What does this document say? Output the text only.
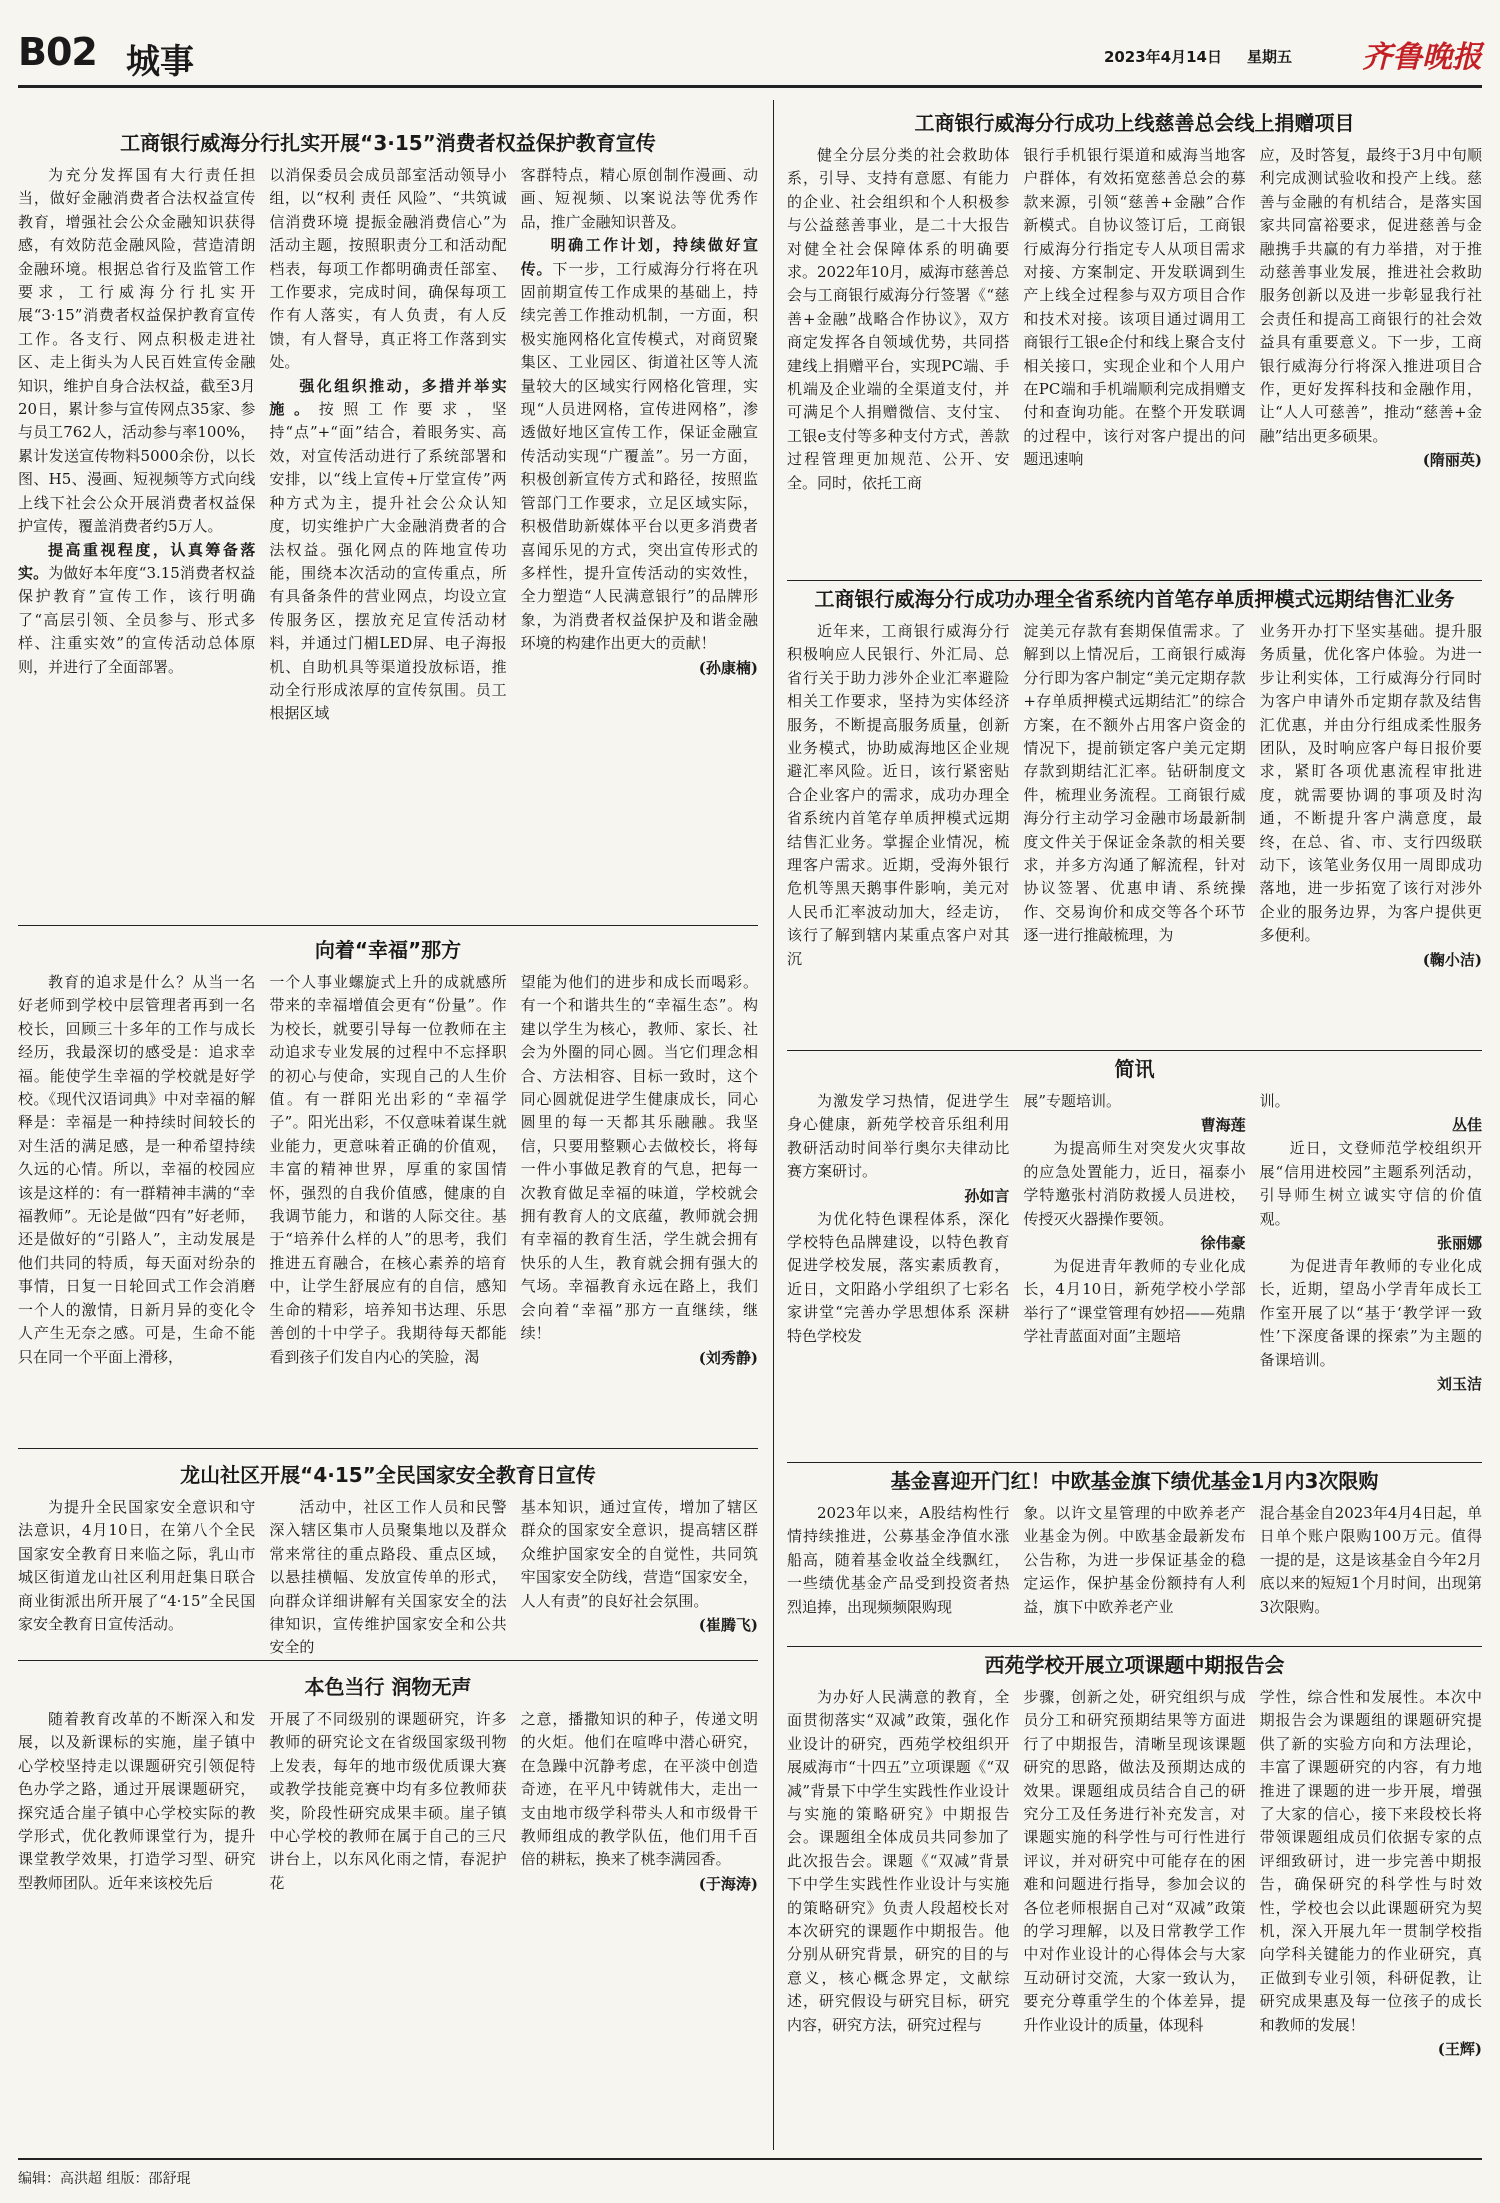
B02 城事	2023年4月14日 星期五 齐鲁晚报
工商银行威海分行扎实开展“3·15”消费者权益保护教育宣传

为充分发挥国有大行责任担当，做好金融消费者合法权益宣传教育，增强社会公众金融知识获得感，有效防范金融风险，营造清朗金融环境。根据总省行及监管工作要求，工行威海分行扎实开展“3·15”消费者权益保护教育宣传工作。各支行、网点积极走进社区、走上街头为人民百姓宣传金融知识，维护自身合法权益，截至3月20日，累计参与宣传网点35家、参与员工762人，活动参与率100%，累计发送宣传物料5000余份，以长图、H5、漫画、短视频等方式向线上线下社会公众开展消费者权益保护宣传，覆盖消费者约5万人。

提高重视程度，认真筹备落实。为做好本年度“3.15消费者权益保护教育”宣传工作，该行明确了“高层引领、全员参与、形式多样、注重实效”的宣传活动总体原则，并进行了全面部署。

以消保委员会成员部室活动领导小组，以“权利 责任 风险”、“共筑诚信消费环境 提振金融消费信心”为活动主题，按照职责分工和活动配档表，每项工作都明确责任部室、工作要求，完成时间，确保每项工作有人落实，有人负责，有人反馈，有人督导，真正将工作落到实处。

强化组织推动，多措并举实施。按照工作要求，坚持“点”+“面”结合，着眼务实、高效，对宣传活动进行了系统部署和安排，以“线上宣传+厅堂宣传”两种方式为主，提升社会公众认知度，切实维护广大金融消费者的合法权益。强化网点的阵地宣传功能，围绕本次活动的宣传重点，所有具备条件的营业网点，均设立宣传服务区，摆放充足宣传活动材料，并通过门楣LED屏、电子海报机、自助机具等渠道投放标语，推动全行形成浓厚的宣传氛围。员工根据区域

客群特点，精心原创制作漫画、动画、短视频、以案说法等优秀作品，推广金融知识普及。

明确工作计划，持续做好宣传。下一步，工行威海分行将在巩固前期宣传工作成果的基础上，持续完善工作推动机制，一方面，积极实施网格化宣传模式，对商贸聚集区、工业园区、街道社区等人流量较大的区域实行网格化管理，实现“人员进网格，宣传进网格”，渗透做好地区宣传工作，保证金融宣传活动实现“广覆盖”。另一方面，积极创新宣传方式和路径，按照监管部门工作要求，立足区域实际，积极借助新媒体平台以更多消费者喜闻乐见的方式，突出宣传形式的多样性，提升宣传活动的实效性，全力塑造“人民满意银行”的品牌形象，为消费者权益保护及和谐金融环境的构建作出更大的贡献！

(孙康楠)
向着“幸福”那方

教育的追求是什么？从当一名好老师到学校中层管理者再到一名校长，回顾三十多年的工作与成长经历，我最深切的感受是：追求幸福。能使学生幸福的学校就是好学校。《现代汉语词典》中对幸福的解释是：幸福是一种持续时间较长的对生活的满足感，是一种希望持续久远的心情。所以，幸福的校园应该是这样的：有一群精神丰满的“幸福教师”。无论是做“四有”好老师，还是做好的“引路人”，主动发展是他们共同的特质，每天面对纷杂的事情，日复一日轮回式工作会消磨一个人的激情，日新月异的变化令人产生无奈之感。可是，生命不能只在同一个平面上滑移，

一个人事业螺旋式上升的成就感所带来的幸福增值会更有“份量”。作为校长，就要引导每一位教师在主动追求专业发展的过程中不忘择职的初心与使命，实现自己的人生价值。有一群阳光出彩的“幸福学子”。阳光出彩，不仅意味着谋生就业能力，更意味着正确的价值观，丰富的精神世界，厚重的家国情怀，强烈的自我价值感，健康的自我调节能力，和谐的人际交往。基于“培养什么样的人”的思考，我们推进五育融合，在核心素养的培育中，让学生舒展应有的自信，感知生命的精彩，培养知书达理、乐思善创的十中学子。我期待每天都能看到孩子们发自内心的笑脸，渴

望能为他们的进步和成长而喝彩。有一个和谐共生的“幸福生态”。构建以学生为核心，教师、家长、社会为外圈的同心圆。当它们理念相合、方法相容、目标一致时，这个同心圆就促进学生健康成长，同心圆里的每一天都其乐融融。我坚信，只要用整颗心去做校长，将每一件小事做足教育的气息，把每一次教育做足幸福的味道，学校就会拥有教育人的文底蕴，教师就会拥有幸福的教育生活，学生就会拥有快乐的人生，教育就会拥有强大的气场。幸福教育永远在路上，我们会向着“幸福”那方一直继续，继续！

(刘秀静)
龙山社区开展“4·15”全民国家安全教育日宣传

为提升全民国家安全意识和守法意识，4月10日，在第八个全民国家安全教育日来临之际，乳山市城区街道龙山社区利用赶集日联合商业街派出所开展了“4·15”全民国家安全教育日宣传活动。

活动中，社区工作人员和民警深入辖区集市人员聚集地以及群众常来常往的重点路段、重点区域，以悬挂横幅、发放宣传单的形式，向群众详细讲解有关国家安全的法律知识，宣传维护国家安全和公共安全的

基本知识，通过宣传，增加了辖区群众的国家安全意识，提高辖区群众维护国家安全的自觉性，共同筑牢国家安全防线，营造“国家安全，人人有责”的良好社会氛围。

(崔腾飞)
本色当行 润物无声

随着教育改革的不断深入和发展，以及新课标的实施，崖子镇中心学校坚持走以课题研究引领促特色办学之路，通过开展课题研究，探究适合崖子镇中心学校实际的教学形式，优化教师课堂行为，提升课堂教学效果，打造学习型、研究型教师团队。近年来该校先后

开展了不同级别的课题研究，许多教师的研究论文在省级国家级刊物上发表，每年的地市级优质课大赛或教学技能竞赛中均有多位教师获奖，阶段性研究成果丰硕。崖子镇中心学校的教师在属于自己的三尺讲台上，以东风化雨之情，春泥护花

之意，播撒知识的种子，传递文明的火炬。他们在喧哗中潜心研究，在急躁中沉静考虑，在平淡中创造奇迹，在平凡中铸就伟大，走出一支由地市级学科带头人和市级骨干教师组成的教学队伍，他们用千百倍的耕耘，换来了桃李满园香。

(于海涛)
工商银行威海分行成功上线慈善总会线上捐赠项目

健全分层分类的社会救助体系，引导、支持有意愿、有能力的企业、社会组织和个人积极参与公益慈善事业，是二十大报告对健全社会保障体系的明确要求。2022年10月，威海市慈善总会与工商银行威海分行签署《“慈善+金融”战略合作协议》，双方商定发挥各自领域优势，共同搭建线上捐赠平台，实现PC端、手机端及企业端的全渠道支付，并可满足个人捐赠微信、支付宝、工银e支付等多种支付方式，善款过程管理更加规范、公开、安全。同时，依托工商

银行手机银行渠道和威海当地客户群体，有效拓宽慈善总会的募款来源，引领“慈善+金融”合作新模式。自协议签订后，工商银行威海分行指定专人从项目需求对接、方案制定、开发联调到生产上线全过程参与双方项目合作和技术对接。该项目通过调用工商银行工银e企付和线上聚合支付相关接口，实现企业和个人用户在PC端和手机端顺利完成捐赠支付和查询功能。在整个开发联调的过程中，该行对客户提出的问题迅速响

应，及时答复，最终于3月中旬顺利完成测试验收和投产上线。慈善与金融的有机结合，是落实国家共同富裕要求，促进慈善与金融携手共赢的有力举措，对于推动慈善事业发展，推进社会救助服务创新以及进一步彰显我行社会责任和提高工商银行的社会效益具有重要意义。下一步，工商银行威海分行将深入推进项目合作，更好发挥科技和金融作用，让“人人可慈善”，推动“慈善+金融”结出更多硕果。

(隋丽英)
工商银行威海分行成功办理全省系统内首笔存单质押模式远期结售汇业务

近年来，工商银行威海分行积极响应人民银行、外汇局、总省行关于助力涉外企业汇率避险相关工作要求，坚持为实体经济服务，不断提高服务质量，创新业务模式，协助威海地区企业规避汇率风险。近日，该行紧密贴合企业客户的需求，成功办理全省系统内首笔存单质押模式远期结售汇业务。掌握企业情况，梳理客户需求。近期，受海外银行危机等黑天鹅事件影响，美元对人民币汇率波动加大，经走访，该行了解到辖内某重点客户对其沉

淀美元存款有套期保值需求。了解到以上情况后，工商银行威海分行即为客户制定“美元定期存款+存单质押模式远期结汇”的综合方案，在不额外占用客户资金的情况下，提前锁定客户美元定期存款到期结汇汇率。钻研制度文件，梳理业务流程。工商银行威海分行主动学习金融市场最新制度文件关于保证金条款的相关要求，并多方沟通了解流程，针对协议签署、优惠申请、系统操作、交易询价和成交等各个环节逐一进行推敲梳理，为

业务开办打下坚实基础。提升服务质量，优化客户体验。为进一步让利实体，工行威海分行同时为客户申请外币定期存款及结售汇优惠，并由分行组成柔性服务团队，及时响应客户每日报价要求，紧盯各项优惠流程审批进度，就需要协调的事项及时沟通，不断提升客户满意度，最终，在总、省、市、支行四级联动下，该笔业务仅用一周即成功落地，进一步拓宽了该行对涉外企业的服务边界，为客户提供更多便利。

(鞠小洁)
简讯

为激发学习热情，促进学生身心健康，新苑学校音乐组利用教研活动时间举行奥尔夫律动比赛方案研讨。

孙如言

为优化特色课程体系，深化学校特色品牌建设，以特色教育促进学校发展，落实素质教育，近日，文阳路小学组织了七彩名家讲堂“完善办学思想体系 深耕特色学校发

展”专题培训。

曹海莲

为提高师生对突发火灾事故的应急处置能力，近日，福泰小学特邀张村消防救援人员进校，传授灭火器操作要领。

徐伟豪

为促进青年教师的专业化成长，4月10日，新苑学校小学部举行了“课堂管理有妙招——苑鼎学社青蓝面对面”主题培

训。

丛佳

近日，文登师范学校组织开展“信用进校园”主题系列活动，引导师生树立诚实守信的价值观。

张丽娜

为促进青年教师的专业化成长，近期，望岛小学青年成长工作室开展了以“基于‘教学评一致性’下深度备课的探索”为主题的备课培训。

刘玉洁
基金喜迎开门红！中欧基金旗下绩优基金1月内3次限购

2023年以来，A股结构性行情持续推进，公募基金净值水涨船高，随着基金收益全线飘红，一些绩优基金产品受到投资者热烈追捧，出现频频限购现

象。以许文星管理的中欧养老产业基金为例。中欧基金最新发布公告称，为进一步保证基金的稳定运作，保护基金份额持有人利益，旗下中欧养老产业

混合基金自2023年4月4日起，单日单个账户限购100万元。值得一提的是，这是该基金自今年2月底以来的短短1个月时间，出现第3次限购。

西苑学校开展立项课题中期报告会

为办好人民满意的教育，全面贯彻落实“双减”政策，强化作业设计的研究，西苑学校组织开展威海市“十四五”立项课题《“双减”背景下中学生实践性作业设计与实施的策略研究》中期报告会。课题组全体成员共同参加了此次报告会。课题《“双减”背景下中学生实践性作业设计与实施的策略研究》负责人段超校长对本次研究的课题作中期报告。他分别从研究背景，研究的目的与意义，核心概念界定，文献综述，研究假设与研究目标，研究内容，研究方法，研究过程与

步骤，创新之处，研究组织与成员分工和研究预期结果等方面进行了中期报告，清晰呈现该课题研究的思路，做法及预期达成的效果。课题组成员结合自己的研究分工及任务进行补充发言，对课题实施的科学性与可行性进行评议，并对研究中可能存在的困难和问题进行指导，参加会议的各位老师根据自己对“双减”政策的学习理解，以及日常教学工作中对作业设计的心得体会与大家互动研讨交流，大家一致认为，要充分尊重学生的个体差异，提升作业设计的质量，体现科

学性，综合性和发展性。本次中期报告会为课题组的课题研究提供了新的实验方向和方法理论，丰富了课题研究的内容，有力地推进了课题的进一步开展，增强了大家的信心，接下来段校长将带领课题组成员们依据专家的点评细致研讨，进一步完善中期报告，确保研究的科学性与时效性，学校也会以此课题研究为契机，深入开展九年一贯制学校指向学科关键能力的作业研究，真正做到专业引领，科研促教，让研究成果惠及每一位孩子的成长和教师的发展！

(王辉)
编辑：高洪超 组版：邵舒琨
